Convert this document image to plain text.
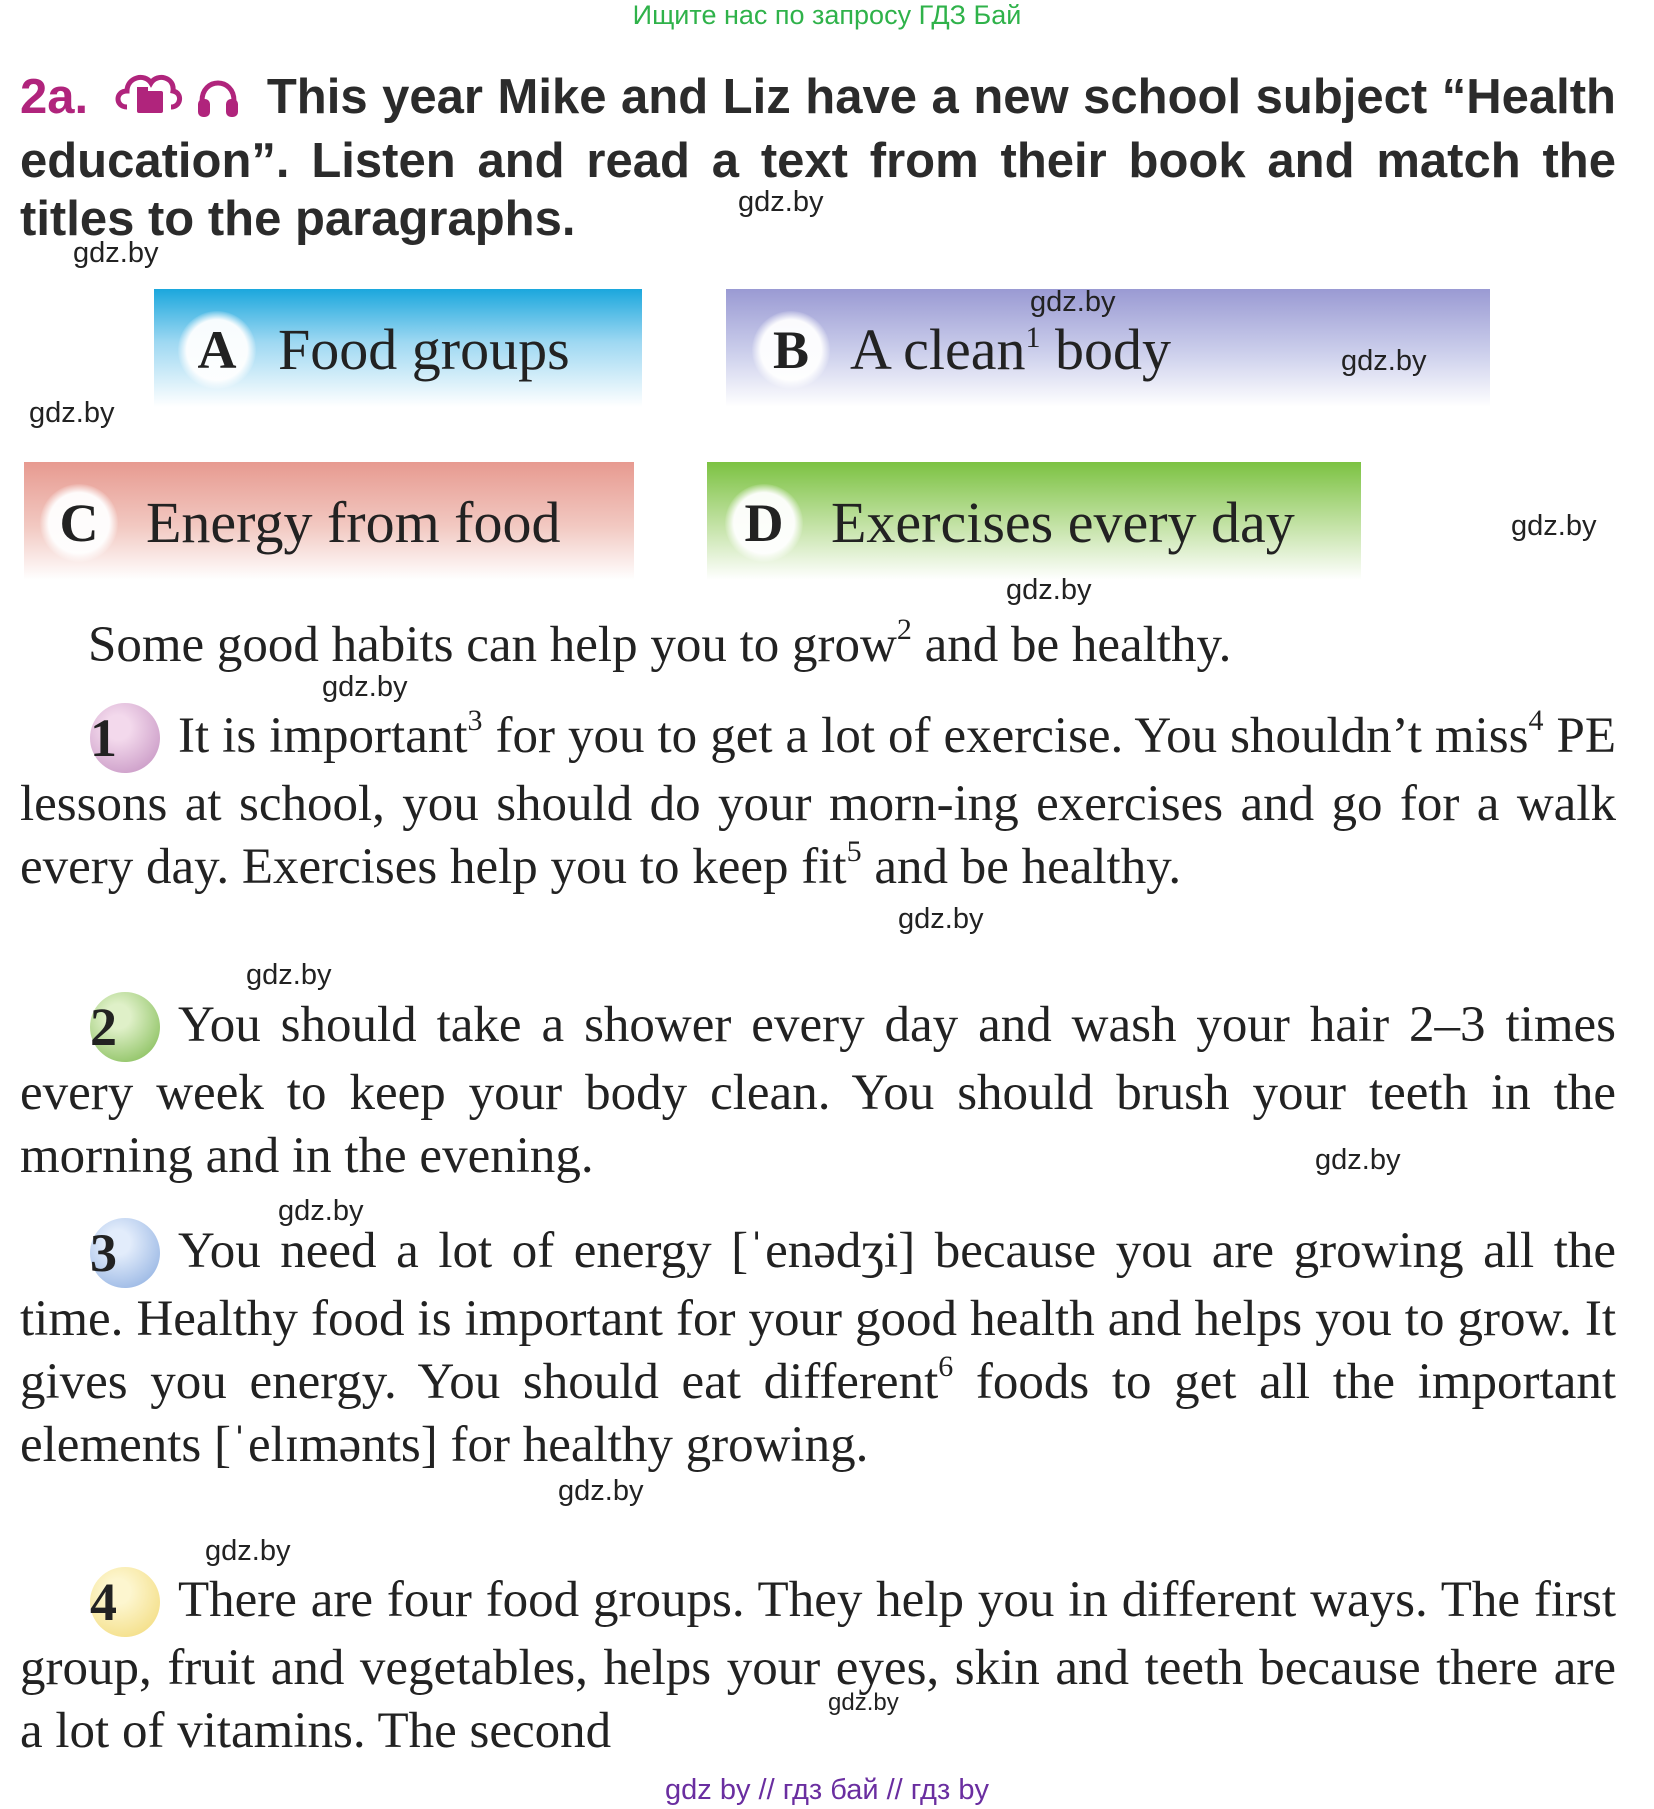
Ищите нас по запросу ГДЗ Бай
2a.	This year Mike and Liz have a new school subject “Health education”. Listen and read a text from their book and match the titles to the paragraphs.
A Food groups	B A clean$^1$ body
C Energy from food	D Exercises every day
Some good habits can help you to grow$^2$ and be healthy.
1 It is important$^3$ for you to get a lot of exercise. You shouldn’t miss$^4$ PE lessons at school, you should do your morn-ing exercises and go for a walk every day. Exercises help you to keep fit$^5$ and be healthy.
2 You should take a shower every day and wash your hair 2–3 times every week to keep your body clean. You should brush your teeth in the morning and in the evening.
3 You need a lot of energy [ˈenədʒi] because you are growing all the time. Healthy food is important for your good health and helps you to grow. It gives you energy. You should eat different$^6$ foods to get all the important elements [ˈelɪmənts] for healthy growing.
4 There are four food groups. They help you in different ways. The first group, fruit and vegetables, helps your eyes, skin and teeth because there are a lot of vitamins. The second
gdz.by
gdz.by
gdz.by
gdz.by
gdz.by
gdz.by
gdz.by
gdz.by
gdz.by
gdz.by
gdz.by
gdz.by
gdz.by
gdz.by
gdz.by
gdz by // гдз бай // гдз by
